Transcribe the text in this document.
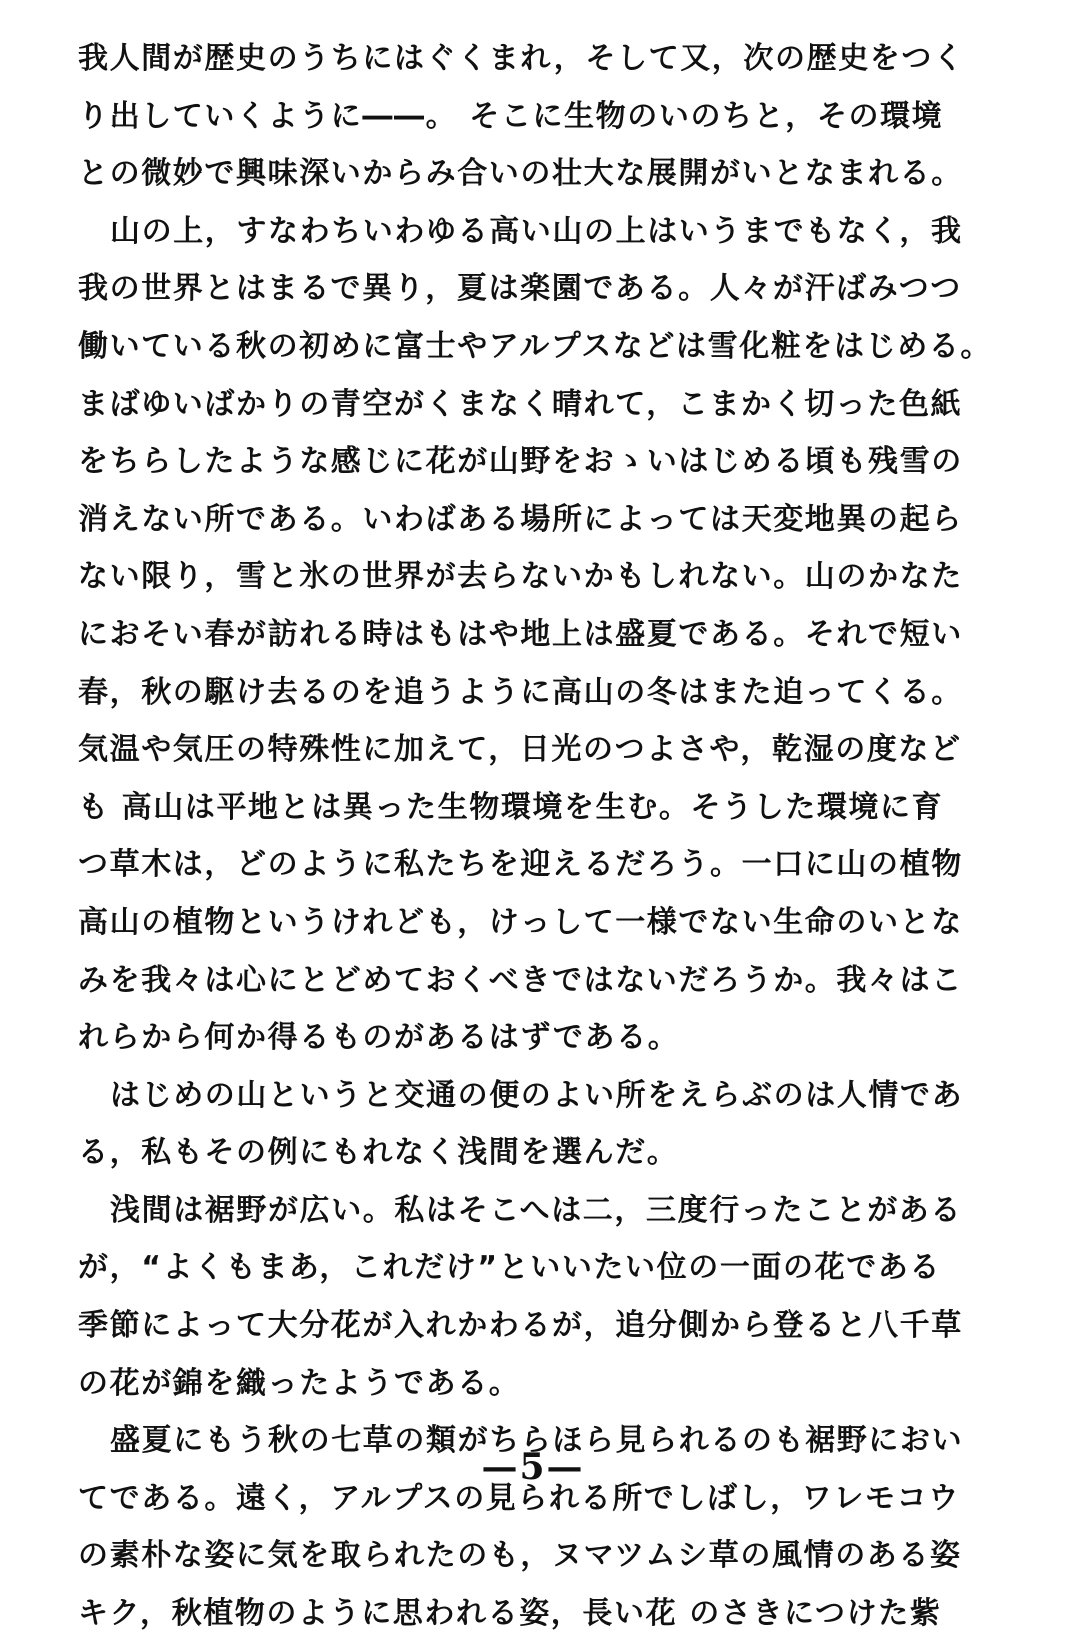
我人間が歴史のうちにはぐくまれ，そして又，次の歴史をつく
り出していくように――。 そこに生物のいのちと，その環境
との微妙で興味深いからみ合いの壮大な展開がいとなまれる。
山の上，すなわちいわゆる高い山の上はいうまでもなく，我
我の世界とはまるで異り，夏は楽園である。人々が汗ばみつつ
働いている秋の初めに富士やアルプスなどは雪化粧をはじめる。
まばゆいばかりの青空がくまなく晴れて，こまかく切った色紙
をちらしたような感じに花が山野をおゝいはじめる頃も残雪の
消えない所である。いわばある場所によっては天変地異の起ら
ない限り，雪と氷の世界が去らないかもしれない。山のかなた
におそい春が訪れる時はもはや地上は盛夏である。それで短い
春，秋の駆け去るのを追うように高山の冬はまた迫ってくる。
気温や気圧の特殊性に加えて，日光のつよさや，乾湿の度など
も 高山は平地とは異った生物環境を生む。そうした環境に育
つ草木は，どのように私たちを迎えるだろう。一口に山の植物
高山の植物というけれども，けっして一様でない生命のいとな
みを我々は心にとどめておくべきではないだろうか。我々はこ
れらから何か得るものがあるはずである。
はじめの山というと交通の便のよい所をえらぶのは人情であ
る，私もその例にもれなく浅間を選んだ。
浅間は裾野が広い。私はそこへは二，三度行ったことがある
が，“よくもまあ，これだけ”といいたい位の一面の花である
季節によって大分花が入れかわるが，追分側から登ると八千草
の花が錦を織ったようである。
盛夏にもう秋の七草の類がちらほら見られるのも裾野におい
てである。遠く，アルプスの見られる所でしばし，ワレモコウ
の素朴な姿に気を取られたのも，ヌマツムシ草の風情のある姿
キク，秋植物のように思われる姿，長い花 のさきにつけた紫
—5—
